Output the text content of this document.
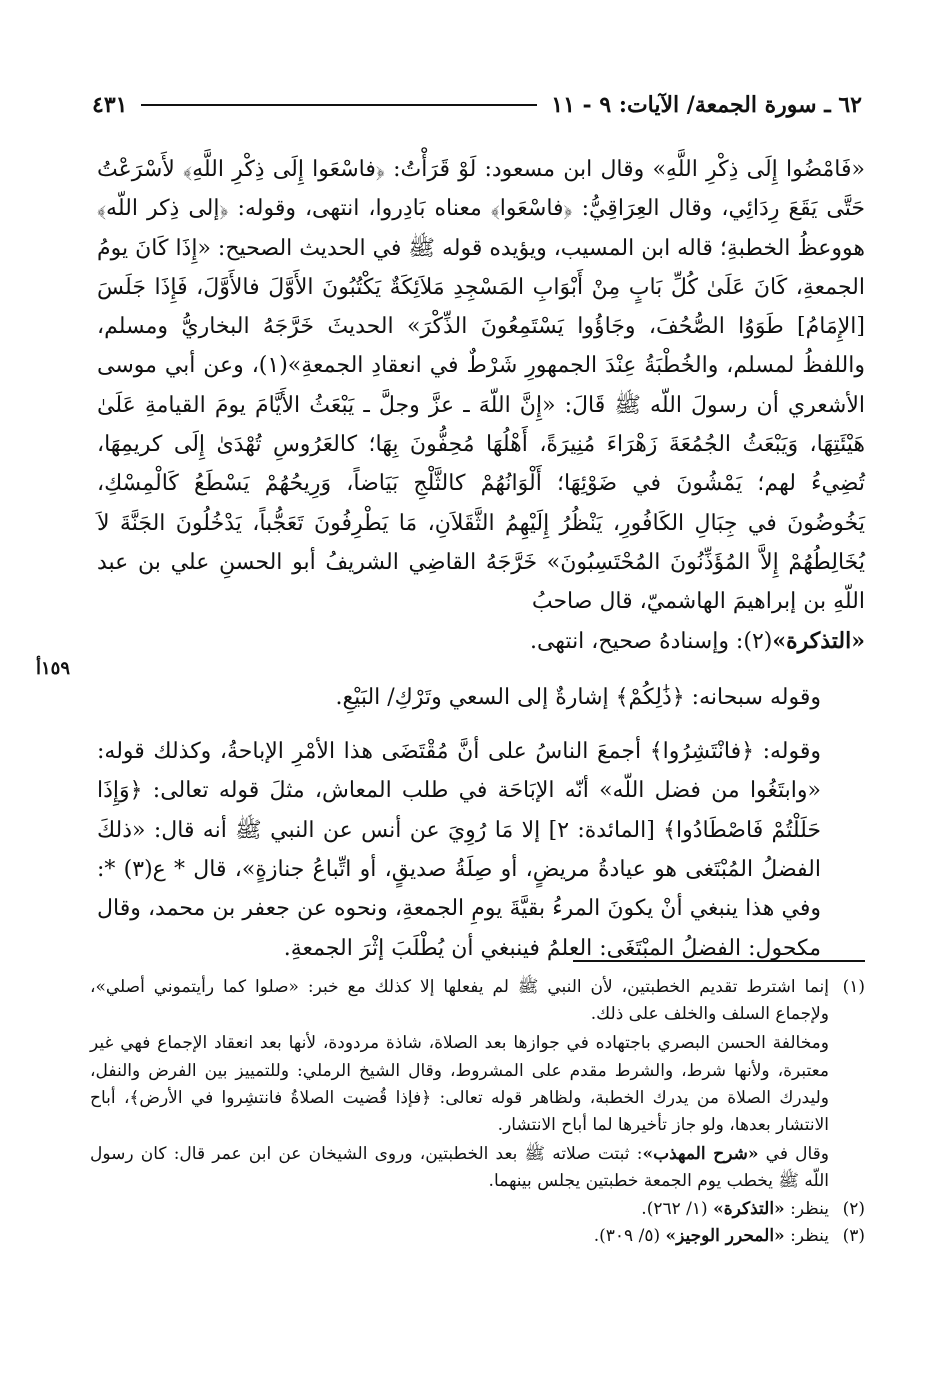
٦٢ ـ سورة الجمعة/ الآيات: ٩ - ١١
٤٣١

«فَامْضُوا إِلَى ذِكْرِ اللَّهِ» وقال ابن مسعود: لَوْ قَرَأْتُ: ﴿فاسْعَوا إِلَى ذِكْرِ اللَّهِ﴾ لأَسْرَعْتُ حَتَّى يَقَعَ رِدَائِي، وقال العِرَاقِيُّ: ﴿فاسْعَوا﴾ معناه بَادِروا، انتهى، وقوله: ﴿إلى ذِكر اللّه﴾ هووعظُ الخطبةِ؛ قاله ابن المسيب، ويؤيده قوله ﷺ في الحديث الصحيح: «إِذَا كَانَ يومُ الجمعةِ، كَانَ عَلَىٰ كُلِّ بَابٍ مِنْ أَبْوَابِ المَسْجِدِ مَلاَئِكَةٌ يَكْتُبُونَ الأَوَّلَ فالأَوَّلَ، فَإِذَا جَلَسَ [الإِمَامُ] طَوَوُا الصُّحُفَ، وجَاؤُوا يَسْتَمِعُونَ الذِّكْرَ» الحديثَ خَرَّجَهُ البخاريُّ ومسلم، واللفظُ لمسلم، والخُطْبَةُ عِنْدَ الجمهورِ شَرْطٌ في انعقادِ الجمعةِ»(١)، وعن أبي موسى الأشعري أن رسولَ اللّه ﷺ قَالَ: «إِنَّ اللّهَ ـ عزَّ وجلَّ ـ يَبْعَثُ الأَيَّامَ يومَ القيامةِ عَلَىٰ هَيْئَتِهَا، وَيَبْعَثُ الجُمُعَةَ زَهْرَاءَ مُنِيرَةً، أَهْلُهَا مُحِفُّونَ بِهَا؛ كالعَرُوسِ تُهْدَىٰ إِلَى كريمِهَا، تُضِيءُ لهم؛ يَمْشُونَ في ضَوْئِهَا؛ أَلْوَانُهُمْ كالثَّلْجِ بَيَاضاً، وَرِيحُهُمْ يَسْطَعُ كَالْمِسْكِ، يَخُوضُونَ في جِبَالِ الكَافُورِ، يَنْظُرُ إِلَيْهِمُ الثَّقَلاَنِ، مَا يَطْرِفُونَ تَعَجُّباً، يَدْخُلُونَ الجَنَّةَ لاَ يُخَالِطُهُمْ إِلاَّ المُؤَذِّنُونَ المُحْتَسِبُونَ» خَرَّجَهُ القاضِي الشريفُ أبو الحسنِ علي بن عبد اللّهِ بن إبراهيمَ الهاشميّ، قال صاحبُ
«التذكرة»(٢): وإسنادهُ صحيح، انتهى.

وقوله سبحانه: ﴿ذَٰلِكُمْ﴾ إشارةٌ إلى السعي وتَرْكِ/ البَيْعِ.

وقوله: ﴿فانْتَشِرُوا﴾ أجمعَ الناسُ على أنَّ مُقْتَضَى هذا الأمْرِ الإباحةُ، وكذلك قوله: «وابتَغُوا من فضل اللّه» أنّه الإبَاحَة في طلب المعاش، مثلَ قوله تعالى: ﴿وَإِذَا حَلَلْتُمْ فَاصْطَادُوا﴾ [المائدة: ٢] إلا مَا رُوِيَ عن أنس عن النبي ﷺ أنه قال: «ذلكَ الفضلُ المُبْتَغى هو عيادةُ مريضٍ، أو صِلَةُ صديقٍ، أو اتِّباعُ جنازةٍ»، قال * ع(٣) *: وفي هذا ينبغي أنْ يكونَ المرءُ بقيَّةَ يومِ الجمعةِ، ونحوه عن جعفر بن محمد، وقال مكحول: الفضلُ المبْتَغَى: العلمُ فينبغي أن يُطْلَبَ إثْرَ الجمعةِ.

١٥٩أ
(١)

إنما اشترط تقديم الخطبتين، لأن النبي ﷺ لم يفعلها إلا كذلك مع خبر: «صلوا كما رأيتموني أصلي»، ولإجماع السلف والخلف على ذلك.

ومخالفة الحسن البصري باجتهاده في جوازها بعد الصلاة، شاذة مردودة، لأنها بعد انعقاد الإجماع فهي غير معتبرة، ولأنها شرط، والشرط مقدم على المشروط، وقال الشيخ الرملي: وللتمييز بين الفرض والنفل، وليدرك الصلاة من يدرك الخطبة، ولظاهر قوله تعالى: ﴿فإذا قُضيت الصلاةُ فانتشِروا في الأرض﴾، أباح الانتشار بعدها، ولو جاز تأخيرها لما أباح الانتشار.

وقال في «شرح المهذب»: ثبتت صلاته ﷺ بعد الخطبتين، وروى الشيخان عن ابن عمر قال: كان رسول اللّه ﷺ يخطب يوم الجمعة خطبتين يجلس بينهما.

(٢)
ينظر: «التذكرة» (١/ ٢٦٢).
(٣)
ينظر: «المحرر الوجيز» (٥/ ٣٠٩).
